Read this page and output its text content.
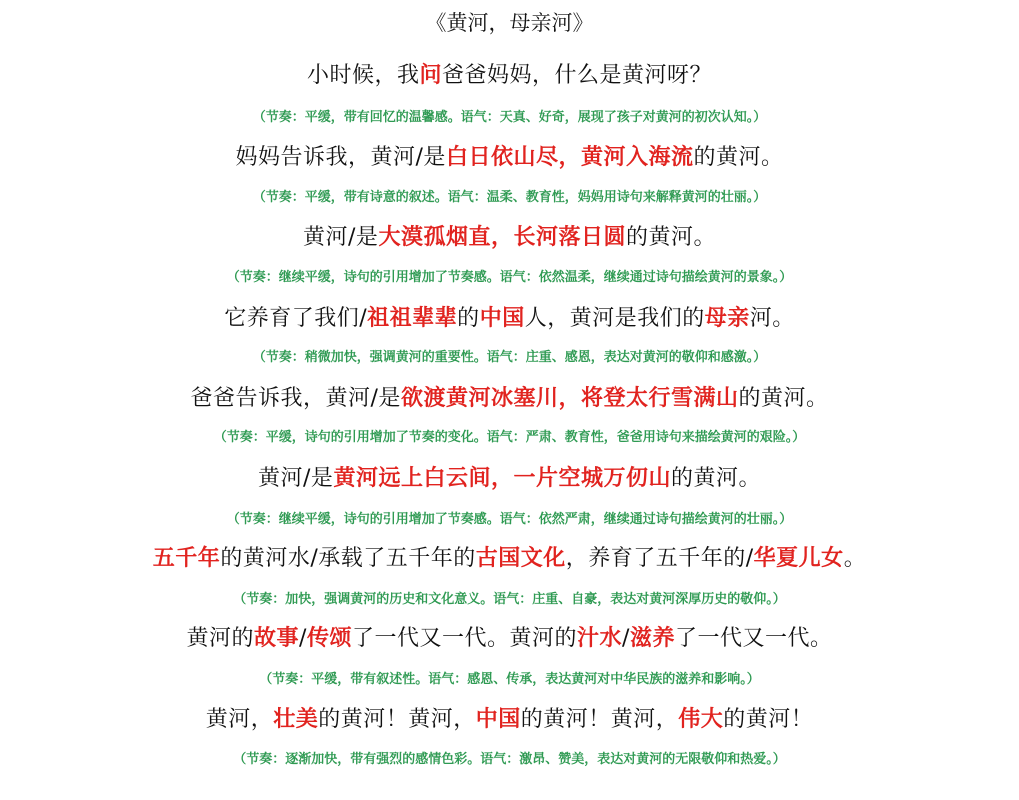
《黄河，母亲河》
小时候，我问爸爸妈妈，什么是黄河呀？
（节奏：平缓，带有回忆的温馨感。语气：天真、好奇，展现了孩子对黄河的初次认知。）
妈妈告诉我，黄河/是白日依山尽，黄河入海流的黄河。
（节奏：平缓，带有诗意的叙述。语气：温柔、教育性，妈妈用诗句来解释黄河的壮丽。）
黄河/是大漠孤烟直，长河落日圆的黄河。
（节奏：继续平缓，诗句的引用增加了节奏感。语气：依然温柔，继续通过诗句描绘黄河的景象。）
它养育了我们/祖祖辈辈的中国人，黄河是我们的母亲河。
（节奏：稍微加快，强调黄河的重要性。语气：庄重、感恩，表达对黄河的敬仰和感激。）
爸爸告诉我，黄河/是欲渡黄河冰塞川，将登太行雪满山的黄河。
（节奏：平缓，诗句的引用增加了节奏的变化。语气：严肃、教育性，爸爸用诗句来描绘黄河的艰险。）
黄河/是黄河远上白云间，一片空城万仞山的黄河。
（节奏：继续平缓，诗句的引用增加了节奏感。语气：依然严肃，继续通过诗句描绘黄河的壮丽。）
五千年的黄河水/承载了五千年的古国文化，养育了五千年的/华夏儿女。
（节奏：加快，强调黄河的历史和文化意义。语气：庄重、自豪，表达对黄河深厚历史的敬仰。）
黄河的故事/传颂了一代又一代。黄河的汁水/滋养了一代又一代。
（节奏：平缓，带有叙述性。语气：感恩、传承，表达黄河对中华民族的滋养和影响。）
黄河，壮美的黄河！黄河，中国的黄河！黄河，伟大的黄河！
（节奏：逐渐加快，带有强烈的感情色彩。语气：激昂、赞美，表达对黄河的无限敬仰和热爱。）
